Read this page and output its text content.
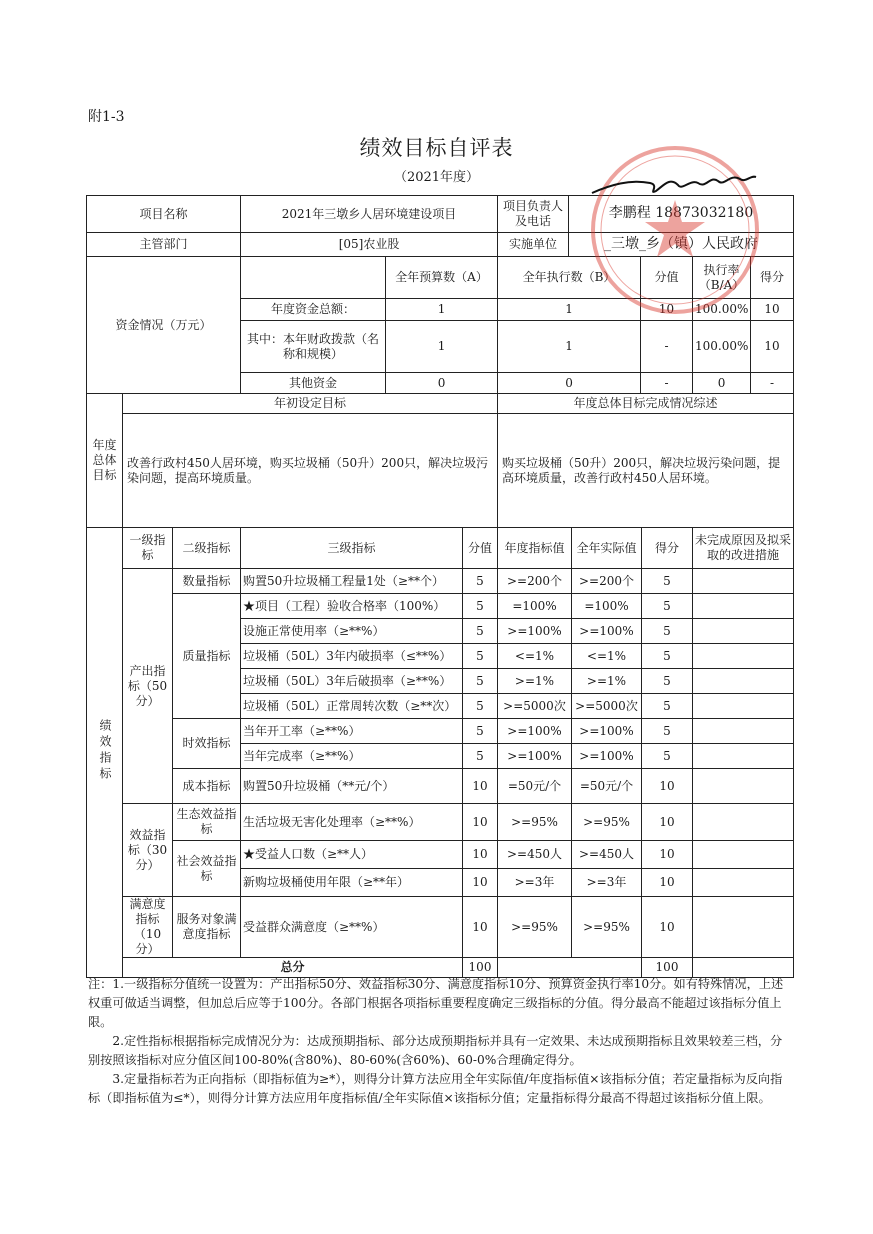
附1-3
绩效目标自评表
（2021年度）
项目名称	2021年三墩乡人居环境建设项目		项目负责人及电话	李鹏程 18873032180			
主管部门	[05]农业股		实施单位	_三墩_乡（镇）人民政府			
资金情况（万元）		全年预算数（A）	全年执行数（B）		分值	执行率（B/A）	得分
	年度资金总额：	1	1		10	100.00%	10
	其中：本年财政拨款（名称和规模）	1	1		-	100.00%	10
	其他资金	0	0		-	0	-
年度总体目标	年初设定目标	年度总体目标完成情况综述
	改善行政村450人居环境，购买垃圾桶（50升）200只，解决垃圾污染问题，提高环境质量。	购买垃圾桶（50升）200只，解决垃圾污染问题，提高环境质量，改善行政村450人居环境。
绩效指标	一级指标	二级指标	三级指标	分值	年度指标值	全年实际值	得分	未完成原因及拟采取的改进措施
	产出指标（50分）	数量指标	购置50升垃圾桶工程量1处（≥**个）	5	>=200个	>=200个	5	
		质量指标	★项目（工程）验收合格率（100%）	5	=100%	=100%	5	
			设施正常使用率（≥**%）	5	>=100%	>=100%	5	
			垃圾桶（50L）3年内破损率（≤**%）	5	<=1%	<=1%	5	
			垃圾桶（50L）3年后破损率（≥**%）	5	>=1%	>=1%	5	
			垃圾桶（50L）正常周转次数（≥**次）	5	>=5000次	>=5000次	5	
		时效指标	当年开工率（≥**%）	5	>=100%	>=100%	5	
			当年完成率（≥**%）	5	>=100%	>=100%	5	
		成本指标	购置50升垃圾桶（**元/个）	10	=50元/个	=50元/个	10	
	效益指标（30分）	生态效益指标	生活垃圾无害化处理率（≥**%）	10	>=95%	>=95%	10	
		社会效益指标	★受益人口数（≥**人）	10	>=450人	>=450人	10	
			新购垃圾桶使用年限（≥**年）	10	>=3年	>=3年	10	
	满意度指标（10分）	服务对象满意度指标	受益群众满意度（≥**%）	10	>=95%	>=95%	10	
	总分			100			100	

注：1.一级指标分值统一设置为：产出指标50分、效益指标30分、满意度指标10分、预算资金执行率10分。如有特殊情况，上述权重可做适当调整，但加总后应等于100分。各部门根据各项指标重要程度确定三级指标的分值。得分最高不能超过该指标分值上限。

2.定性指标根据指标完成情况分为：达成预期指标、部分达成预期指标并具有一定效果、未达成预期指标且效果较差三档，分别按照该指标对应分值区间100-80%(含80%)、80-60%(含60%)、60-0%合理确定得分。

3.定量指标若为正向指标（即指标值为≥*），则得分计算方法应用全年实际值/年度指标值×该指标分值；若定量指标为反向指标（即指标值为≤*），则得分计算方法应用年度指标值/全年实际值×该指标分值；定量指标得分最高不得超过该指标分值上限。
